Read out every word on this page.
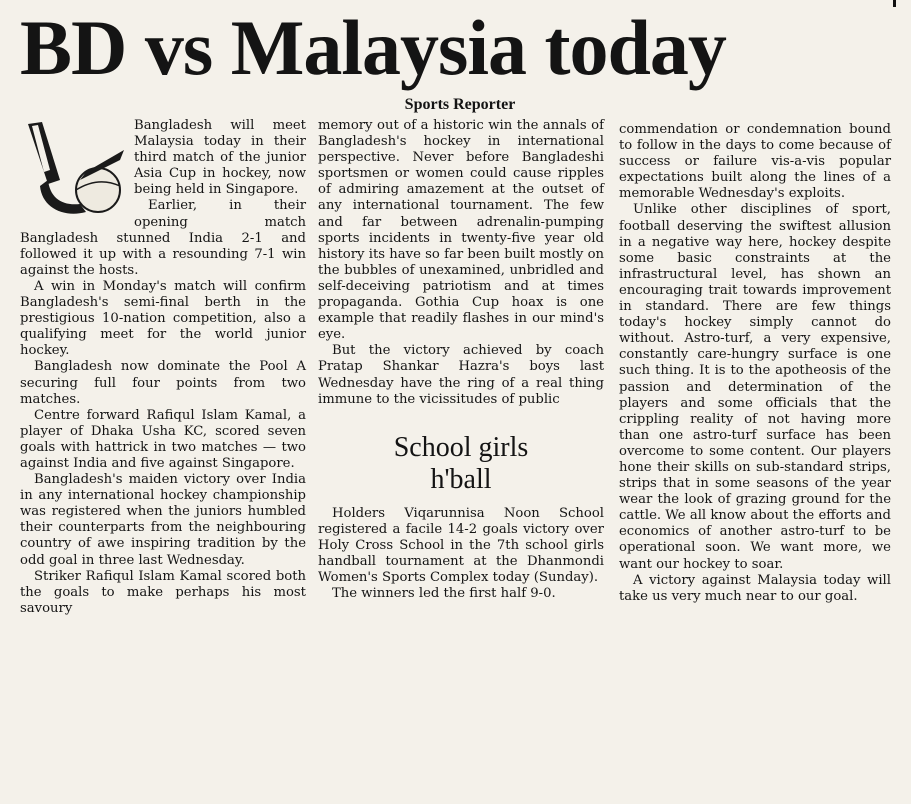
BD vs Malaysia today
Sports Reporter

Bangladesh will meet Malaysia today in their third match of the junior Asia Cup in hockey, now being held in Singapore.

Earlier, in their opening match Bangladesh stunned India 2-1 and followed it up with a resounding 7-1 win against the hosts.

A win in Monday's match will confirm Bangladesh's semi-final berth in the prestigious 10-nation competition, also a qualifying meet for the world junior hockey.

Bangladesh now dominate the Pool A securing full four points from two matches.

Centre forward Rafiqul Islam Kamal, a player of Dhaka Usha KC, scored seven goals with hattrick in two matches — two against India and five against Singapore.

Bangladesh's maiden victory over India in any international hockey championship was registered when the juniors humbled their counterparts from the neighbouring country of awe inspiring tradition by the odd goal in three last Wednesday.

Striker Rafiqul Islam Kamal scored both the goals to make perhaps his most savoury

memory out of a historic win the annals of Bangladesh's hockey in international perspective. Never before Bangladeshi sportsmen or women could cause ripples of admiring amazement at the outset of any international tournament. The few and far between adrenalin-pumping sports incidents in twenty-five year old history its have so far been built mostly on the bubbles of unexamined, unbridled and self-deceiving patriotism and at times propaganda. Gothia Cup hoax is one example that readily flashes in our mind's eye.

But the victory achieved by coach Pratap Shankar Hazra's boys last Wednesday have the ring of a real thing immune to the vicissitudes of public

School girls
h'ball

Holders Viqarunnisa Noon School registered a facile 14-2 goals victory over Holy Cross School in the 7th school girls handball tournament at the Dhanmondi Women's Sports Complex today (Sunday).

The winners led the first half 9-0.

commendation or condemnation bound to follow in the days to come because of success or failure vis-a-vis popular expectations built along the lines of a memorable Wednesday's exploits.

Unlike other disciplines of sport, football deserving the swiftest allusion in a negative way here, hockey despite some basic constraints at the infrastructural level, has shown an encouraging trait towards improvement in standard. There are few things today's hockey simply cannot do without. Astro-turf, a very expensive, constantly care-hungry surface is one such thing. It is to the apotheosis of the passion and determination of the players and some officials that the crippling reality of not having more than one astro-turf surface has been overcome to some content. Our players hone their skills on sub-standard strips, strips that in some seasons of the year wear the look of grazing ground for the cattle. We all know about the efforts and economics of another astro-turf to be operational soon. We want more, we want our hockey to soar.

A victory against Malaysia today will take us very much near to our goal.
